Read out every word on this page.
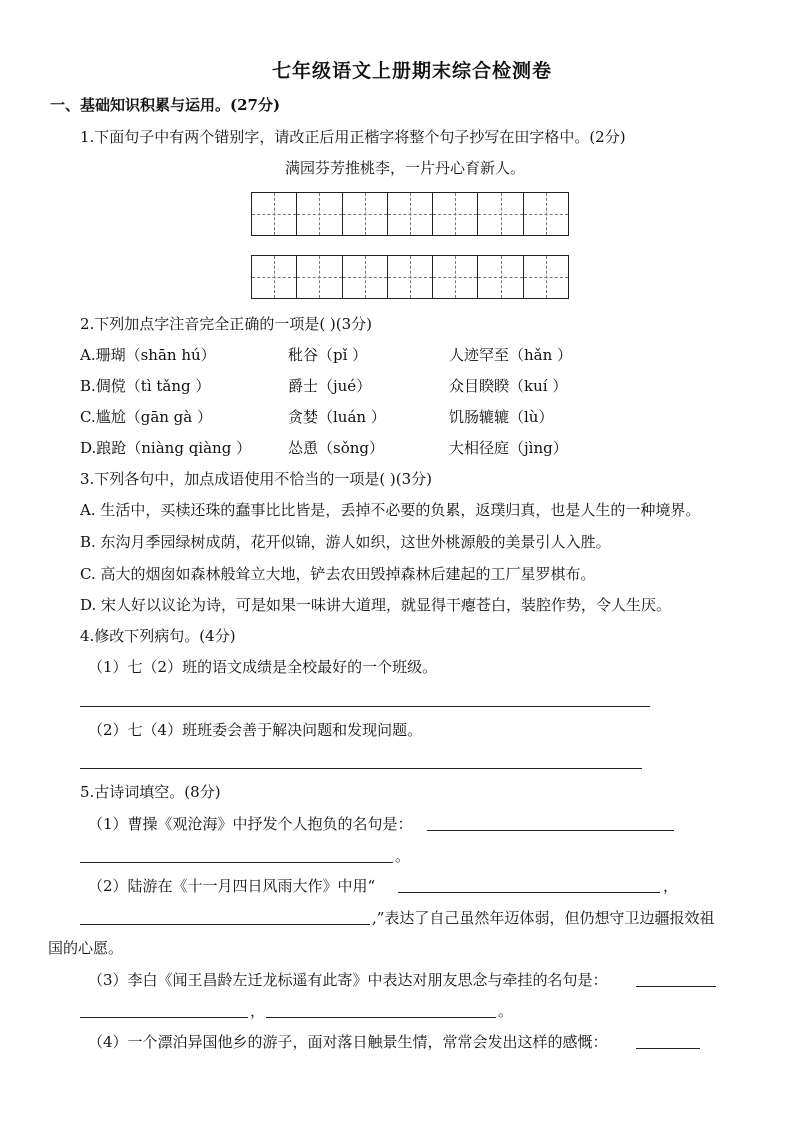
七年级语文上册期末综合检测卷
一、基础知识积累与运用。(27分)
1.下面句子中有两个错别字，请改正后用正楷字将整个句子抄写在田字格中。(2分)
满园芬芳推桃李，一片丹心育新人。
2.下列加点字注音完全正确的一项是( )(3分)
A.珊瑚（shān hú）	秕谷（pǐ ）	人迹罕至（hǎn ）
B.倜傥（tì tǎng ）	爵士（jué）	众目睽睽（kuí ）
C.尴尬（gān gà ）	贪婪（luán ）	饥肠辘辘（lù）
D.踉跄（niàng qiàng ） 怂恿（sǒng）	大相径庭（jìng）
3.下列各句中，加点成语使用不恰当的一项是( )(3分)
A. 生活中，买椟还珠的蠢事比比皆是，丢掉不必要的负累，返璞归真，也是人生的一种境界。
B. 东沟月季园绿树成荫，花开似锦，游人如织，这世外桃源般的美景引人入胜。
C. 高大的烟囱如森林般耸立大地，铲去农田毁掉森林后建起的工厂星罗棋布。
D. 宋人好以议论为诗，可是如果一味讲大道理，就显得干瘪苍白，装腔作势，令人生厌。
4.修改下列病句。(4分)
（1）七（2）班的语文成绩是全校最好的一个班级。
（2）七（4）班班委会善于解决问题和发现问题。
5.古诗词填空。(8分)
（1）曹操《观沧海》中抒发个人抱负的名句是：
。
（2）陆游在《十一月四日风雨大作》中用“	，
,”表达了自己虽然年迈体弱，但仍想守卫边疆报效祖
国的心愿。
（3）李白《闻王昌龄左迁龙标遥有此寄》中表达对朋友思念与牵挂的名句是：
，	。
（4）一个漂泊异国他乡的游子，面对落日触景生情，常常会发出这样的感慨：
